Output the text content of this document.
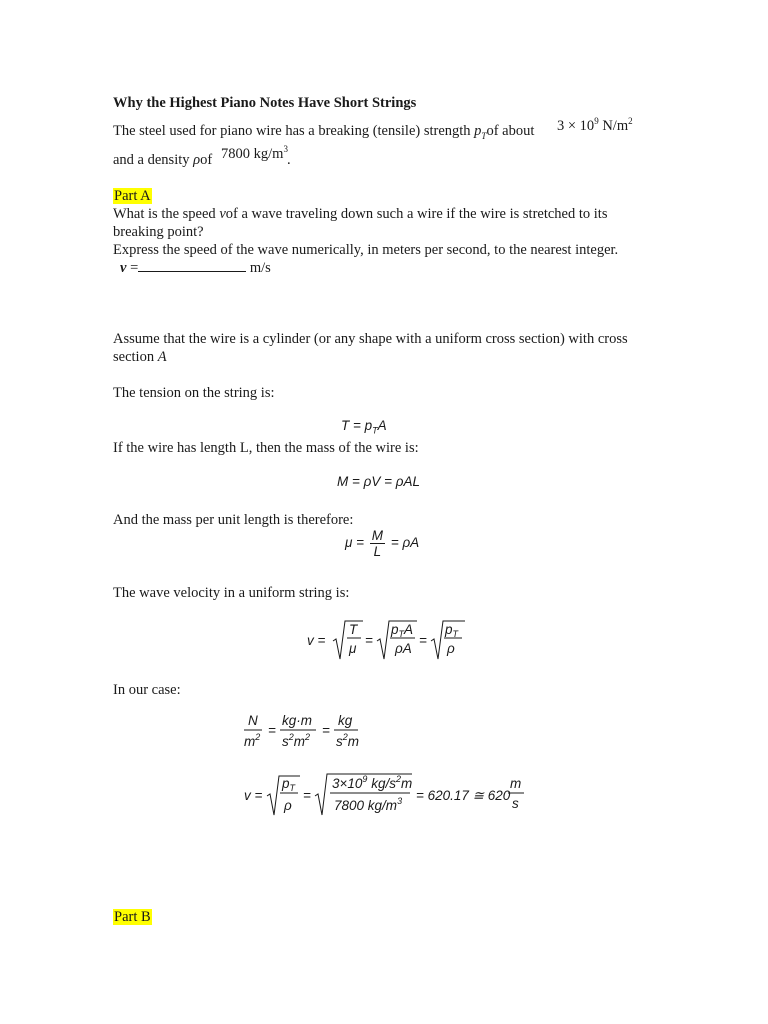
Why the Highest Piano Notes Have Short Strings
The steel used for piano wire has a breaking (tensile) strength $p_Tof$ about $3 \times 10^9$ $N/m^2$
and a density ρof 7800 $kg/m^3$
.
Part A
What is the speed vof a wave traveling down such a wire if the wire is stretched to its
breaking point?
Express the speed of the wave numerically, in meters per second, to the nearest integer.
v =	m/s
Assume that the wire is a cylinder (or any shape with a uniform cross section) with cross
section A
The tension on the string is:
$T = p_TA$
If the wire has length L, then the mass of the wire is:
M = ρV = ρAL
And the mass per unit length is therefore:
$\mu = \frac{M}{L} = \rho A$
The wave velocity in a uniform string is:
v =
T
μ
=
$p_TA$
ρA
=
$p_T$
ρ
In our case:
N
$m^2$ =
kg·m
$s^2m^2$ =
kg
$s^2m$
v =
$p_T$
ρ
=
$3\times 10^9$ $kg/s^2m$
7800 $kg/m^3 = 620.17$ ≅ 620
m
s
Part B
